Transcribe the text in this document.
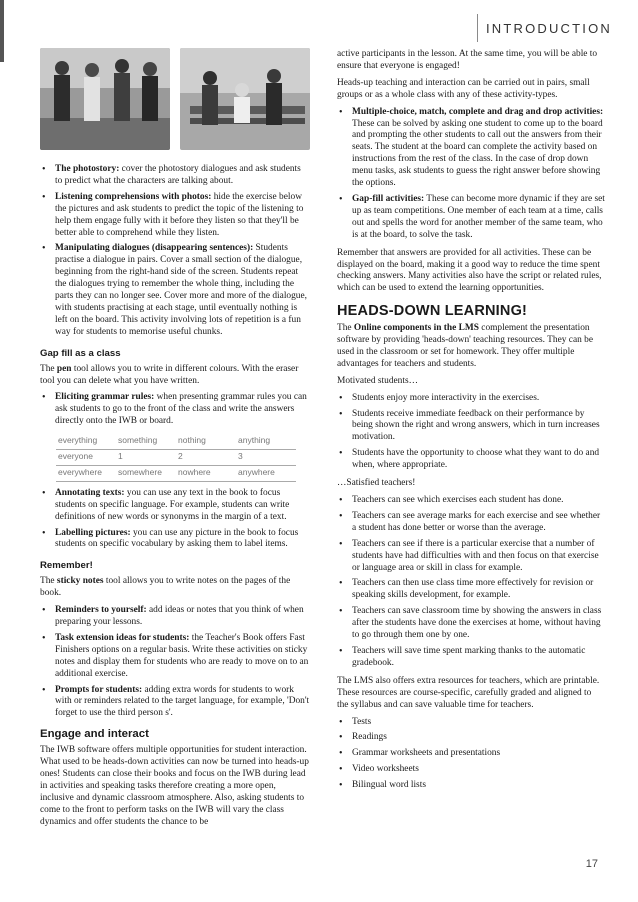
INTRODUCTION
• The photostory: cover the photostory dialogues and ask students to predict what the characters are talking about.
• Listening comprehensions with photos: hide the exercise below the pictures and ask students to predict the topic of the listening to help them engage fully with it before they listen so that they'll be better able to comprehend while they listen.
• Manipulating dialogues (disappearing sentences): Students practise a dialogue in pairs. Cover a small section of the dialogue, beginning from the right-hand side of the screen. Students repeat the dialogues trying to remember the whole thing, including the parts they can no longer see. Cover more and more of the dialogue, with students practising at each stage, until eventually nothing is left on the board. This activity involving lots of repetition is a fun way for students to memorise useful chunks.
Gap fill as a class

The pen tool allows you to write in different colours. With the eraser tool you can delete what you have written.

• Eliciting grammar rules: when presenting grammar rules you can ask students to go to the front of the class and write the answers directly onto the IWB or board.
everything	something	nothing	anything
everyone	1	2	3
everywhere	somewhere	nowhere	anywhere
• Annotating texts: you can use any text in the book to focus students on specific language. For example, students can write definitions of new words or synonyms in the margin of a text.
• Labelling pictures: you can use any picture in the book to focus students on specific vocabulary by asking them to label items.
Remember!

The sticky notes tool allows you to write notes on the pages of the book.

• Reminders to yourself: add ideas or notes that you think of when preparing your lessons.
• Task extension ideas for students: the Teacher's Book offers Fast Finishers options on a regular basis. Write these activities on sticky notes and display them for students who are ready to move on to an additional exercise.
• Prompts for students: adding extra words for students to work with or reminders related to the target language, for example, 'Don't forget to use the third person s'.
Engage and interact

The IWB software offers multiple opportunities for student interaction. What used to be heads-down activities can now be turned into heads-up ones! Students can close their books and focus on the IWB during lead in activities and speaking tasks therefore creating a more open, inclusive and dynamic classroom atmosphere. Also, asking students to come to the front to perform tasks on the IWB will vary the class dynamics and offer students the chance to be

active participants in the lesson. At the same time, you will be able to ensure that everyone is engaged!

Heads-up teaching and interaction can be carried out in pairs, small groups or as a whole class with any of these activity-types.

• Multiple-choice, match, complete and drag and drop activities: These can be solved by asking one student to come up to the board and prompting the other students to call out the answers from their seats. The student at the board can complete the activity based on instructions from the rest of the class. In the case of drop down menu tasks, ask students to guess the right answer before showing the options.
• Gap-fill activities: These can become more dynamic if they are set up as team competitions. One member of each team at a time, calls out and spells the word for another member of the same team, who is at the board, to solve the task.

Remember that answers are provided for all activities. These can be displayed on the board, making it a good way to reduce the time spent checking answers. Many activities also have the script or related rules, which can be used to extend the learning opportunities.

HEADS-DOWN LEARNING!

The Online components in the LMS complement the presentation software by providing 'heads-down' teaching resources. They can be used in the classroom or set for homework. They offer multiple advantages for teachers and students.

Motivated students…

• Students enjoy more interactivity in the exercises.
• Students receive immediate feedback on their performance by being shown the right and wrong answers, which in turn increases motivation.
• Students have the opportunity to choose what they want to do and when, where appropriate.

…Satisfied teachers!

• Teachers can see which exercises each student has done.
• Teachers can see average marks for each exercise and see whether a student has done better or worse than the average.
• Teachers can see if there is a particular exercise that a number of students have had difficulties with and then focus on that exercise or language area or skill in class for example.
• Teachers can then use class time more effectively for revision or speaking skills development, for example.
• Teachers can save classroom time by showing the answers in class after the students have done the exercises at home, without having to go through them one by one.
• Teachers will save time spent marking thanks to the automatic gradebook.

The LMS also offers extra resources for teachers, which are printable. These resources are course-specific, carefully graded and aligned to the syllabus and can save valuable time for teachers.

• Tests
• Readings
• Grammar worksheets and presentations
• Video worksheets
• Bilingual word lists
17
